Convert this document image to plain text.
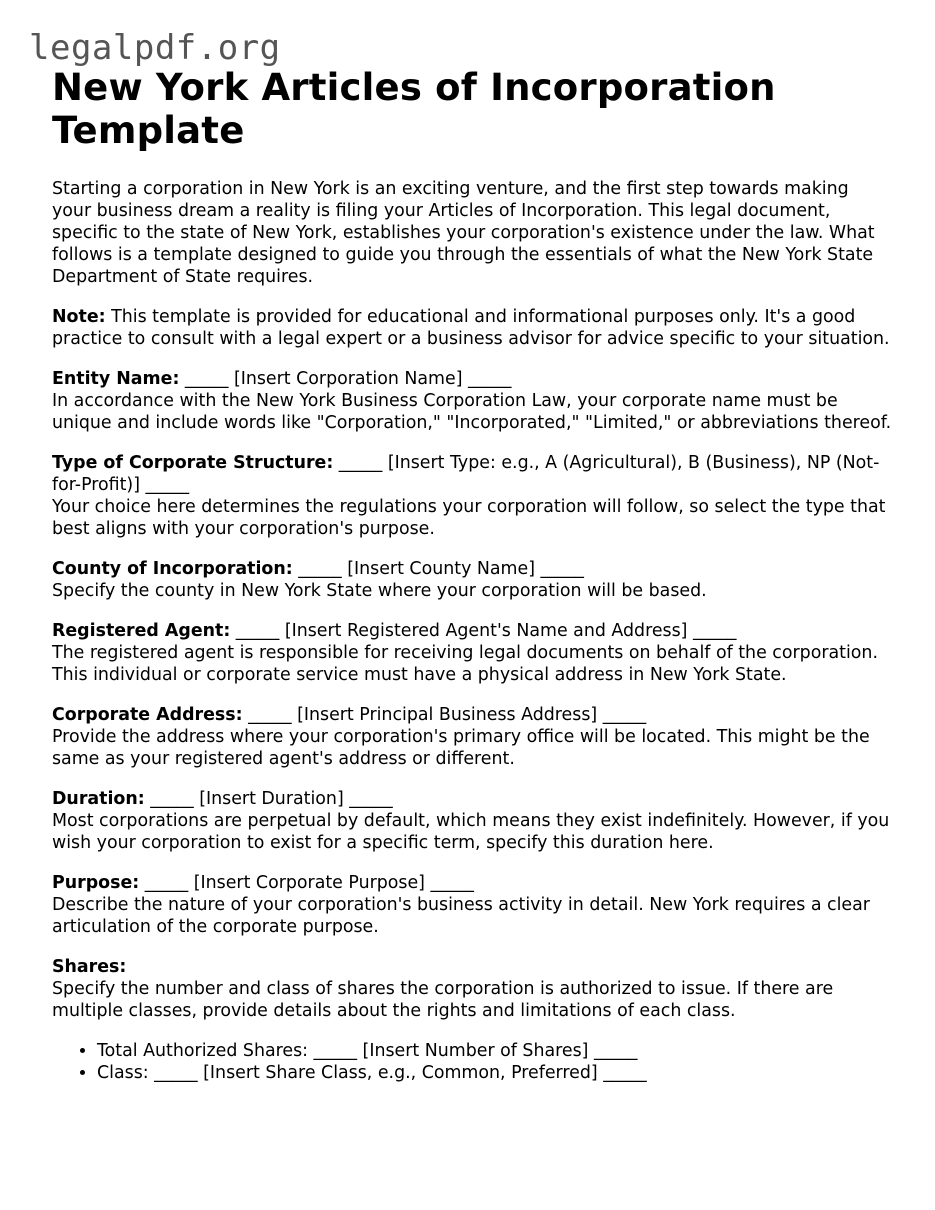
legalpdf.org
New York Articles of Incorporation Template

Starting a corporation in New York is an exciting venture, and the first step towards making your business dream a reality is filing your Articles of Incorporation. This legal document, specific to the state of New York, establishes your corporation's existence under the law. What follows is a template designed to guide you through the essentials of what the New York State Department of State requires.

Note: This template is provided for educational and informational purposes only. It's a good practice to consult with a legal expert or a business advisor for advice specific to your situation.

Entity Name: _____ [Insert Corporation Name] _____
In accordance with the New York Business Corporation Law, your corporate name must be unique and include words like "Corporation," "Incorporated," "Limited," or abbreviations thereof.

Type of Corporate Structure: _____ [Insert Type: e.g., A (Agricultural), B (Business), NP (Not-for-Profit)] _____
Your choice here determines the regulations your corporation will follow, so select the type that best aligns with your corporation's purpose.

County of Incorporation: _____ [Insert County Name] _____
Specify the county in New York State where your corporation will be based.

Registered Agent: _____ [Insert Registered Agent's Name and Address] _____
The registered agent is responsible for receiving legal documents on behalf of the corporation. This individual or corporate service must have a physical address in New York State.

Corporate Address: _____ [Insert Principal Business Address] _____
Provide the address where your corporation's primary office will be located. This might be the same as your registered agent's address or different.

Duration: _____ [Insert Duration] _____
Most corporations are perpetual by default, which means they exist indefinitely. However, if you wish your corporation to exist for a specific term, specify this duration here.

Purpose: _____ [Insert Corporate Purpose] _____
Describe the nature of your corporation's business activity in detail. New York requires a clear articulation of the corporate purpose.

Shares:
Specify the number and class of shares the corporation is authorized to issue. If there are multiple classes, provide details about the rights and limitations of each class.

• Total Authorized Shares: _____ [Insert Number of Shares] _____
• Class: _____ [Insert Share Class, e.g., Common, Preferred] _____
